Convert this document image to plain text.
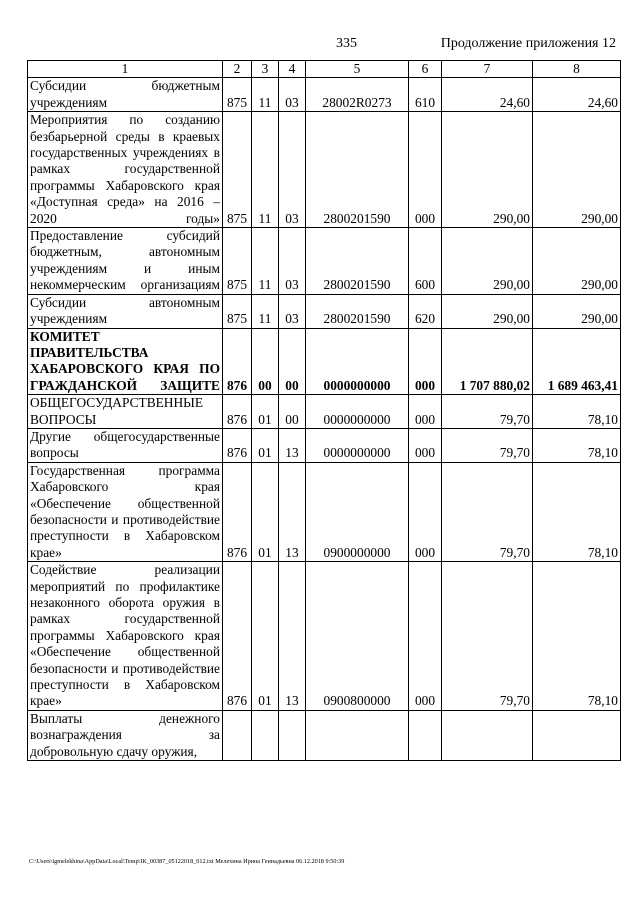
335	Продолжение приложения 12
1	2	3	4	5	6	7	8
Субсидии бюджетным учреждениям	875	11	03	28002R0273	610	24,60	24,60
Мероприятия по созданию безбарьерной среды в краевых государственных учреждениях в рамках государственной программы Хабаровского края «Доступная среда» на 2016 – 2020 годы»	875	11	03	2800201590	000	290,00	290,00
Предоставление субсидий бюджетным, автономным учреждениям и иным некоммерческим организациям	875	11	03	2800201590	600	290,00	290,00
Субсидии автономным учреждениям	875	11	03	2800201590	620	290,00	290,00
КОМИТЕТ ПРАВИТЕЛЬСТВА ХАБАРОВСКОГО КРАЯ ПО ГРАЖДАНСКОЙ ЗАЩИТЕ	876	00	00	0000000000	000	1 707 880,02	1 689 463,41
ОБЩЕГОСУДАРСТВЕННЫЕ ВОПРОСЫ	876	01	00	0000000000	000	79,70	78,10
Другие общегосударственные вопросы	876	01	13	0000000000	000	79,70	78,10
Государственная программа Хабаровского края «Обеспечение общественной безопасности и противодействие преступности в Хабаровском крае»	876	01	13	0900000000	000	79,70	78,10
Содействие реализации мероприятий по профилактике незаконного оборота оружия в рамках государственной программы Хабаровского края «Обеспечение общественной безопасности и противодействие преступности в Хабаровском крае»	876	01	13	0900800000	000	79,70	78,10
Выплаты денежного вознаграждения за добровольную сдачу оружия,							
C:\Users\igmelekhina\AppData\Local\Temp\IK_00387_05122018_012.txt Мелехина Ирина Геннадьевна 06.12.2018 9:50:39
